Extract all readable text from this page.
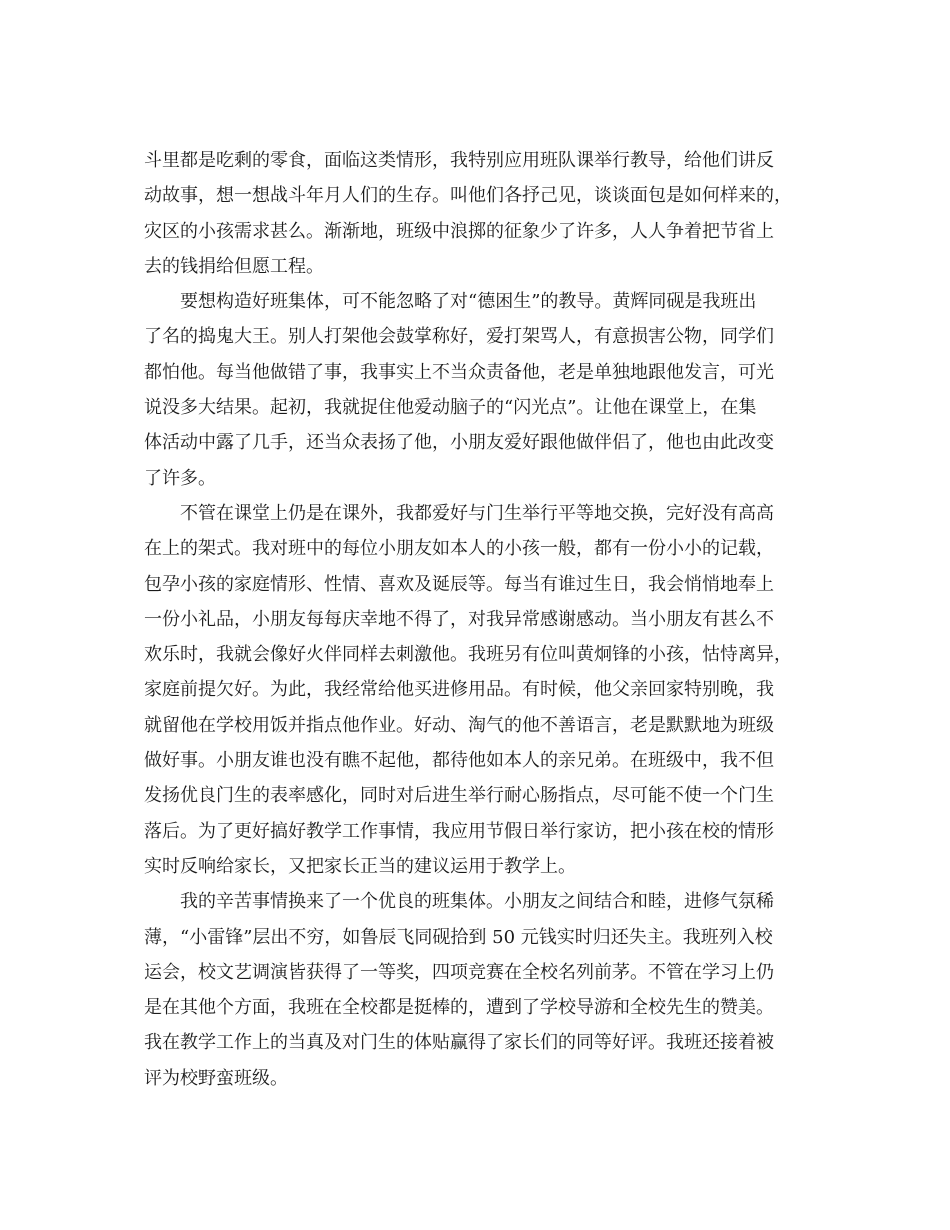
斗里都是吃剩的零食，面临这类情形，我特别应用班队课举行教导，给他们讲反
动故事，想一想战斗年月人们的生存。叫他们各抒己见，谈谈面包是如何样来的，
灾区的小孩需求甚么。渐渐地，班级中浪掷的征象少了许多，人人争着把节省上
去的钱捐给但愿工程。
要想构造好班集体，可不能忽略了对“德困生”的教导。黄辉同砚是我班出
了名的捣鬼大王。别人打架他会鼓掌称好，爱打架骂人，有意损害公物，同学们
都怕他。每当他做错了事，我事实上不当众责备他，老是单独地跟他发言，可光
说没多大结果。起初，我就捉住他爱动脑子的“闪光点”。让他在课堂上，在集
体活动中露了几手，还当众表扬了他，小朋友爱好跟他做伴侣了，他也由此改变
了许多。
不管在课堂上仍是在课外，我都爱好与门生举行平等地交换，完好没有高高
在上的架式。我对班中的每位小朋友如本人的小孩一般，都有一份小小的记载，
包孕小孩的家庭情形、性情、喜欢及诞辰等。每当有谁过生日，我会悄悄地奉上
一份小礼品，小朋友每每庆幸地不得了，对我异常感谢感动。当小朋友有甚么不
欢乐时，我就会像好火伴同样去刺激他。我班另有位叫黄炯锋的小孩，怙恃离异，
家庭前提欠好。为此，我经常给他买进修用品。有时候，他父亲回家特别晚，我
就留他在学校用饭并指点他作业。好动、淘气的他不善语言，老是默默地为班级
做好事。小朋友谁也没有瞧不起他，都待他如本人的亲兄弟。在班级中，我不但
发扬优良门生的表率感化，同时对后进生举行耐心肠指点，尽可能不使一个门生
落后。为了更好搞好教学工作事情，我应用节假日举行家访，把小孩在校的情形
实时反响给家长，又把家长正当的建议运用于教学上。
我的辛苦事情换来了一个优良的班集体。小朋友之间结合和睦，进修气氛稀
薄，“小雷锋”层出不穷，如鲁辰飞同砚拾到 50 元钱实时归还失主。我班列入校
运会，校文艺调演皆获得了一等奖，四项竞赛在全校名列前茅。不管在学习上仍
是在其他个方面，我班在全校都是挺棒的，遭到了学校导游和全校先生的赞美。
我在教学工作上的当真及对门生的体贴赢得了家长们的同等好评。我班还接着被
评为校野蛮班级。
